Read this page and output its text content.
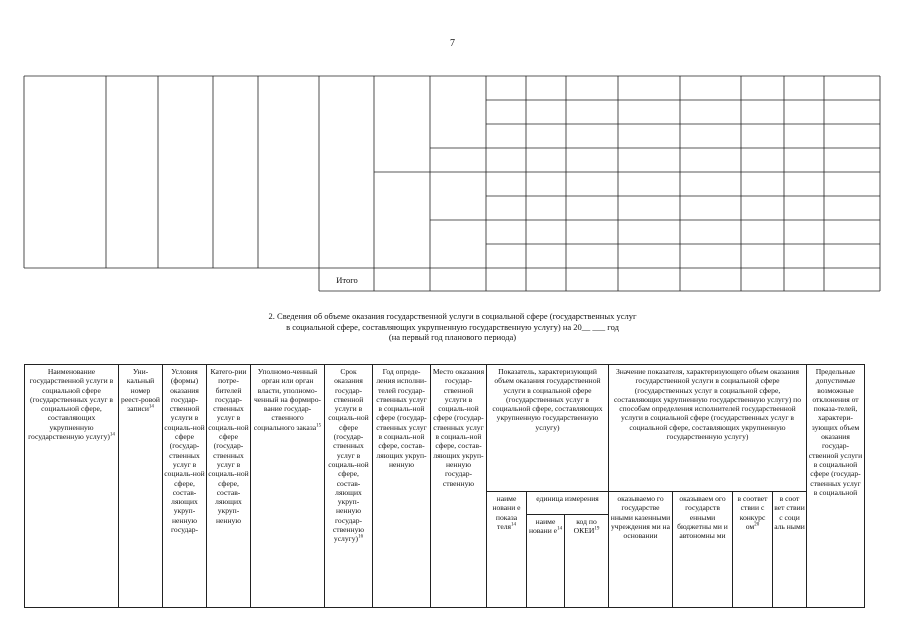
7
Итого
2. Сведения об объеме оказания государственной услуги в социальной сфере (государственных услуг
в социальной сфере, составляющих укрупненную государственную услугу) на 20__ ___ год
(на первый год планового периода)
Наименование государственной услуги в социальной сфере (государственных услуг в социальной сфере, составляющих укрупненную государственную услугу)$^{14}$	Уни-кальный номер реест-ровой записи$^{14}$	Условия (формы) оказания государ-ственной услуги в социаль-ной сфере (государ-ственных услуг в социаль-ной сфере, состав-ляющих укруп-ненную государ-	Катего-рии потре-бителей государ-ственных услуг в социаль-ной сфере (государ-ственных услуг в социаль-ной сфере, состав-ляющих укруп-ненную	Уполномо-ченный орган или орган власти, уполномо-ченный на формиро-вание государ-ственного социального заказа$^{15}$	Срок оказания государ-ственной услуги в социаль-ной сфере (государ-ственных услуг в социаль-ной сфере, состав-ляющих укруп-ненную государ-ственную услугу)$^{16}$	Год опреде-ления исполни-телей государ-ственных услуг в социаль-ной сфере (государ-ственных услуг в социаль-ной сфере, состав-ляющих укруп-ненную	Место оказания государ-ственной услуги в социаль-ной сфере (государ-ственных услуг в социаль-ной сфере, состав-ляющих укруп-ненную государ-ственную	Показатель, характеризующий объем оказания государственной услуги в социальной сфере (государственных услуг в социальной сфере, составляющих укрупненную государственную услугу)			Значение показателя, характеризующего объем оказания государственной услуги в социальной сфере (государственных услуг в социальной сфере, составляющих укрупненную государственную услугу) по способам определения исполнителей государственной услуги в социальной сфере (государственных услуг в социальной сфере, составляющих укрупненную государственную услугу)				Предельные допустимые возможные отклонения от показа-телей, характери-зующих объем оказания государ-ственной услуги в социальной сфере (государ-ственных услуг в социальной

								наиме новани е показа теля$^{14}$	единица измерения		оказываемо го государстве нными казенными учреждения ми на основании	оказываем ого государств енными бюджетны ми и автономны ми	в соответ ствии с конкурс $ом^{20}$	в соот вет ствии с соци аль ными	

									наиме новани $е^{14}$	код по ОКЕИ$^{19}$
